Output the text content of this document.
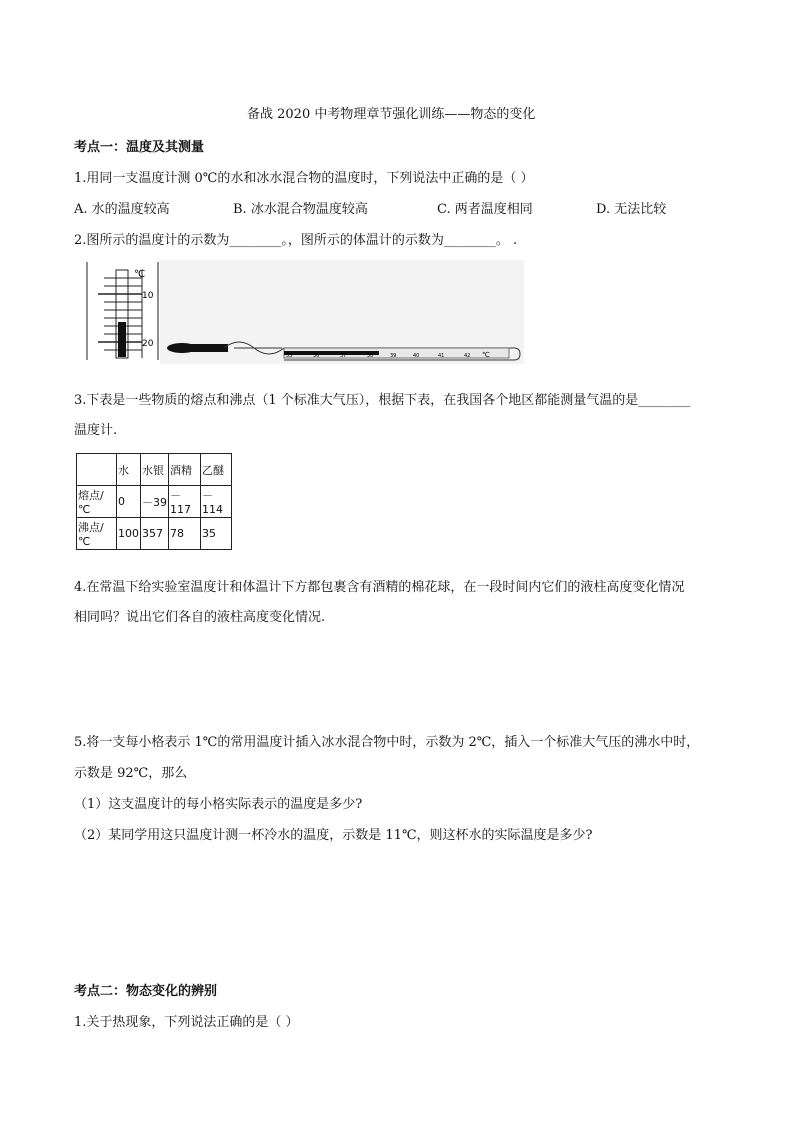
备战 2020 中考物理章节强化训练——物态的变化
考点一：温度及其测量
1.用同一支温度计测 0℃的水和冰水混合物的温度时，下列说法中正确的是（ ）
A. 水的温度较高	B. 冰水混合物温度较高	C. 两者温度相同	D. 无法比较
2.图所示的温度计的示数为________。，图所示的体温计的示数为________。 .
℃
10
20
35	36	37	38	39	40	41	42 ℃
3.下表是一些物质的熔点和沸点（1 个标准大气压），根据下表，在我国各个地区都能测量气温的是________
温度计.
	水	水银	酒精	乙醚
熔点/℃	0	－39	－117	－114
沸点/℃	100	357	78	35
4.在常温下给实验室温度计和体温计下方都包裹含有酒精的棉花球，在一段时间内它们的液柱高度变化情况
相同吗？说出它们各自的液柱高度变化情况.
5.将一支每小格表示 1℃的常用温度计插入冰水混合物中时，示数为 2℃，插入一个标准大气压的沸水中时，
示数是 92℃，那么
（1）这支温度计的每小格实际表示的温度是多少?
（2）某同学用这只温度计测一杯冷水的温度，示数是 11℃，则这杯水的实际温度是多少?
考点二：物态变化的辨别
1.关于热现象，下列说法正确的是（ ）
